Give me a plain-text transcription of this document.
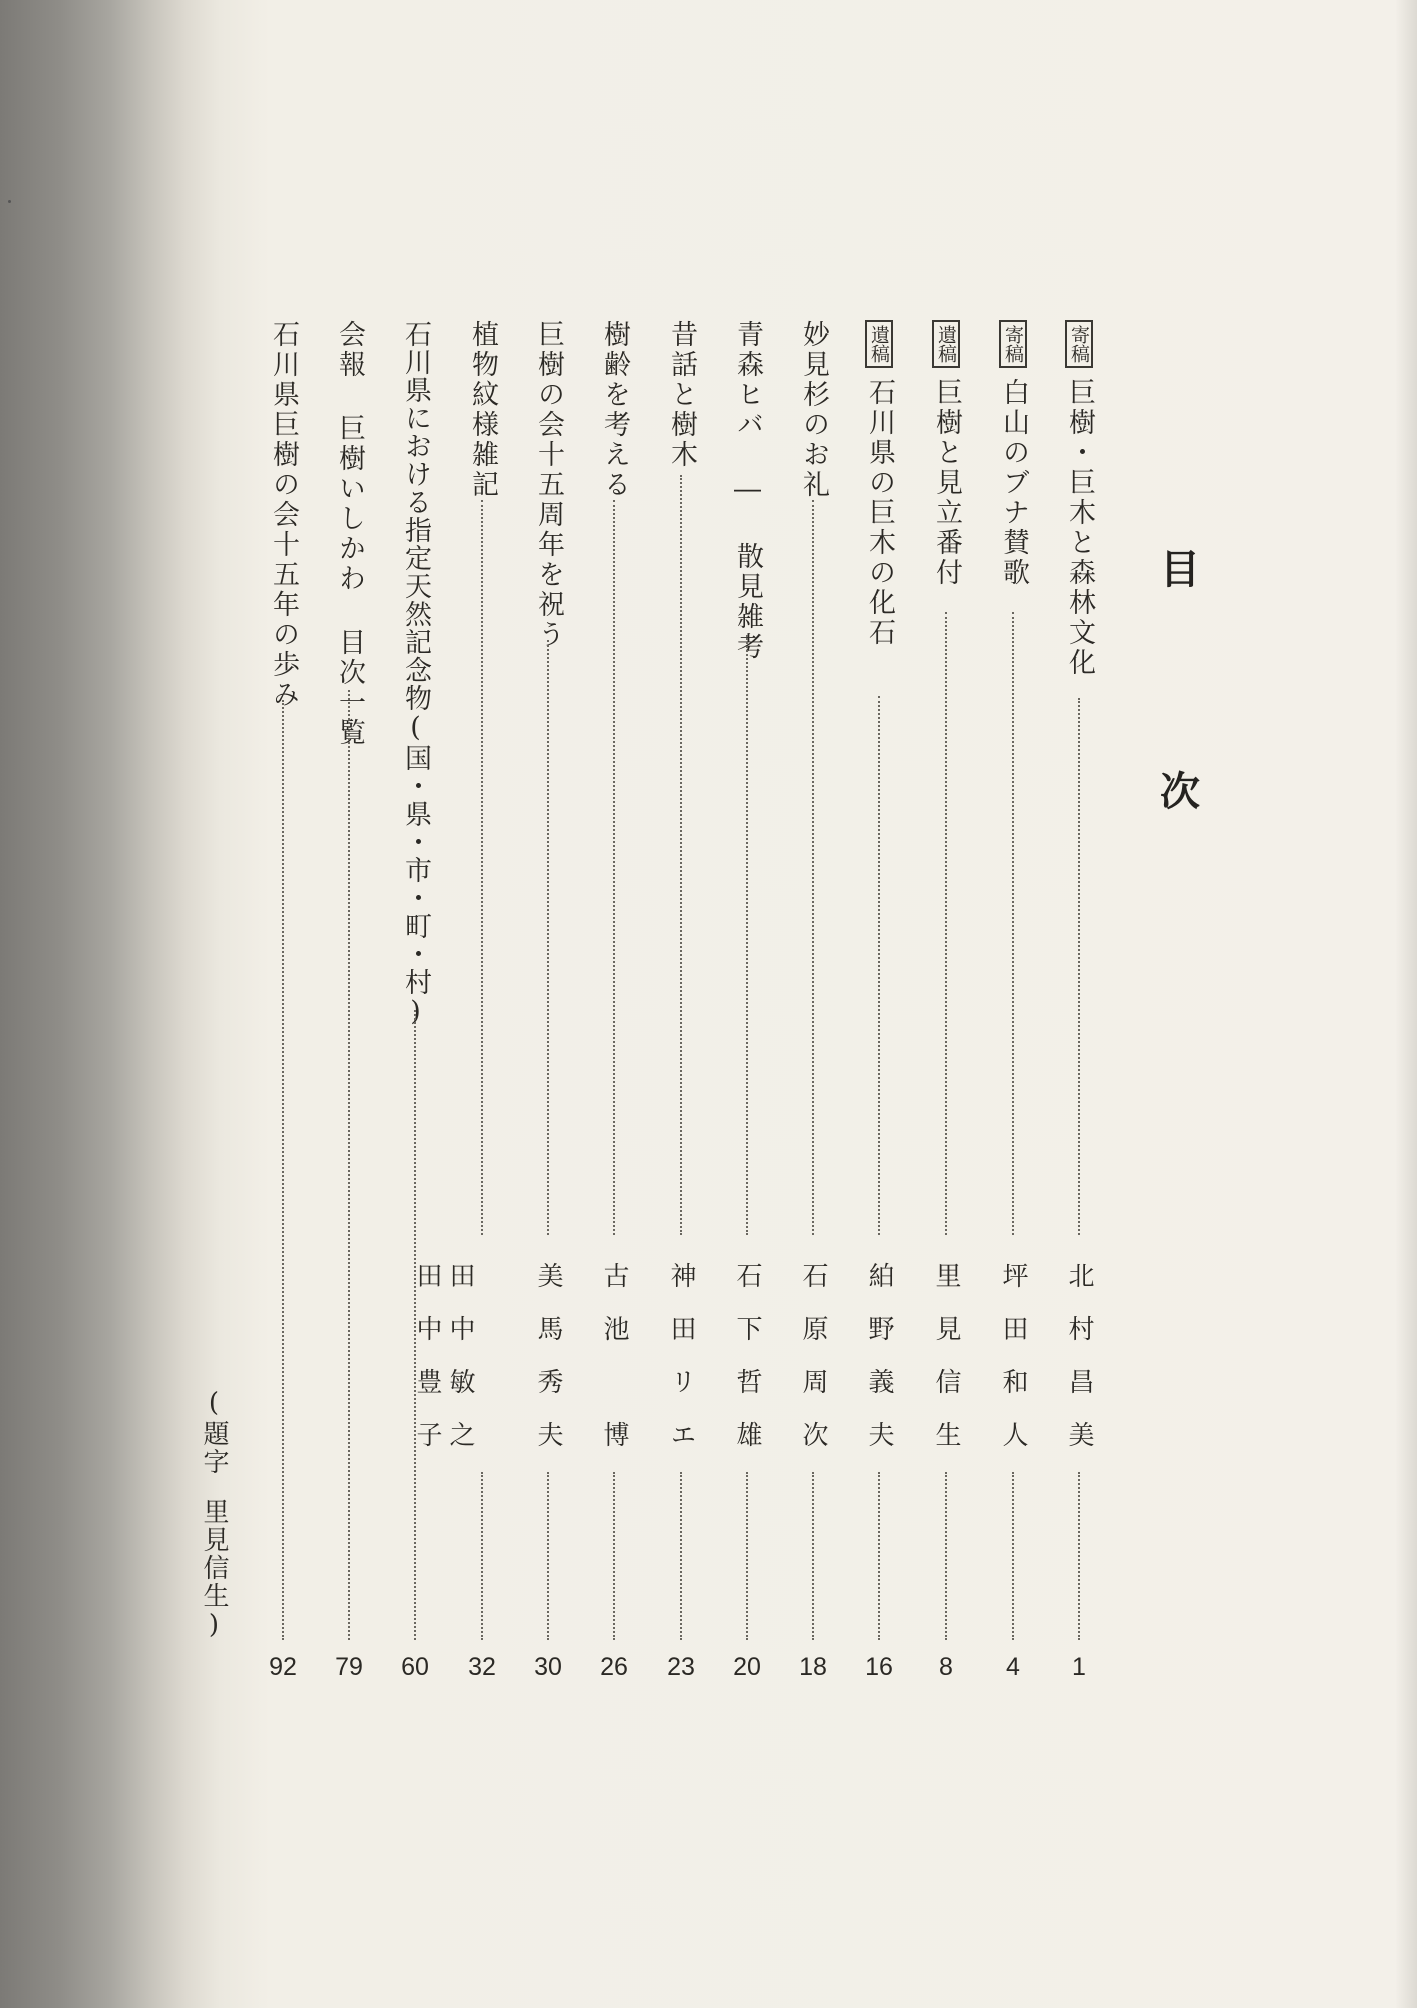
目
次
寄稿巨樹・巨木と森林文化
北村昌美
1
寄稿白山のブナ賛歌
坪田和人
4
遺稿巨樹と見立番付
里見信生
8
遺稿石川県の巨木の化石
絈野義夫
16
妙見杉のお礼
石原周次
18
青森ヒバ ― 散見雑考
石下哲雄
20
昔話と樹木
神田リエ
23
樹齢を考える
古池　博
26
巨樹の会十五周年を祝う
美馬秀夫
30
植物紋様雑記
田中敏之
田中豊子
32
石川県における指定天然記念物(国・県・市・町・村)
60
会報 巨樹いしかわ 目次一覧
79
石川県巨樹の会十五年の歩み
92
(題字里見信生)
